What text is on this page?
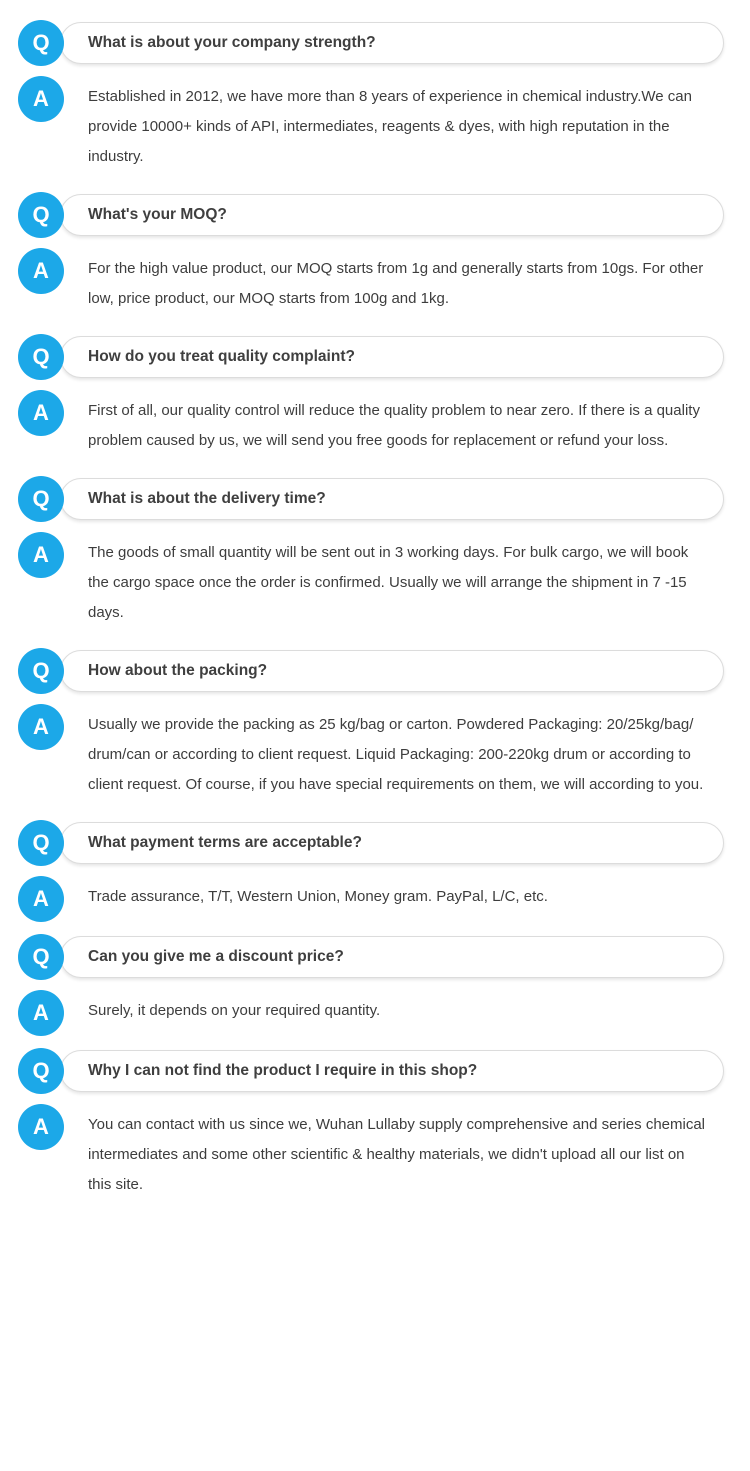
Q	What is about your company strength?
A	Established in 2012, we have more than 8 years of experience in chemical industry.We can provide 10000+ kinds of API, intermediates, reagents & dyes, with high reputation in the industry.
Q	What's your MOQ?
A	For the high value product, our MOQ starts from 1g and generally starts from 10gs. For other low, price product, our MOQ starts from 100g and 1kg.
Q	How do you treat quality complaint?
A	First of all, our quality control will reduce the quality problem to near zero. If there is a quality problem caused by us, we will send you free goods for replacement or refund your loss.
Q	What is about the delivery time?
A	The goods of small quantity will be sent out in 3 working days. For bulk cargo, we will book the cargo space once the order is confirmed. Usually we will arrange the shipment in 7 -15 days.
Q	How about the packing?
A	Usually we provide the packing as 25 kg/bag or carton. Powdered Packaging: 20/25kg/bag/ drum/can or according to client request. Liquid Packaging: 200-220kg drum or according to client request. Of course, if you have special requirements on them, we will according to you.
Q	What payment terms are acceptable?
A	Trade assurance, T/T, Western Union, Money gram. PayPal, L/C, etc.
Q	Can you give me a discount price?
A	Surely, it depends on your required quantity.
Q	Why I can not find the product I require in this shop?
A	You can contact with us since we, Wuhan Lullaby supply comprehensive and series chemical intermediates and some other scientific & healthy materials, we didn't upload all our list on this site.
